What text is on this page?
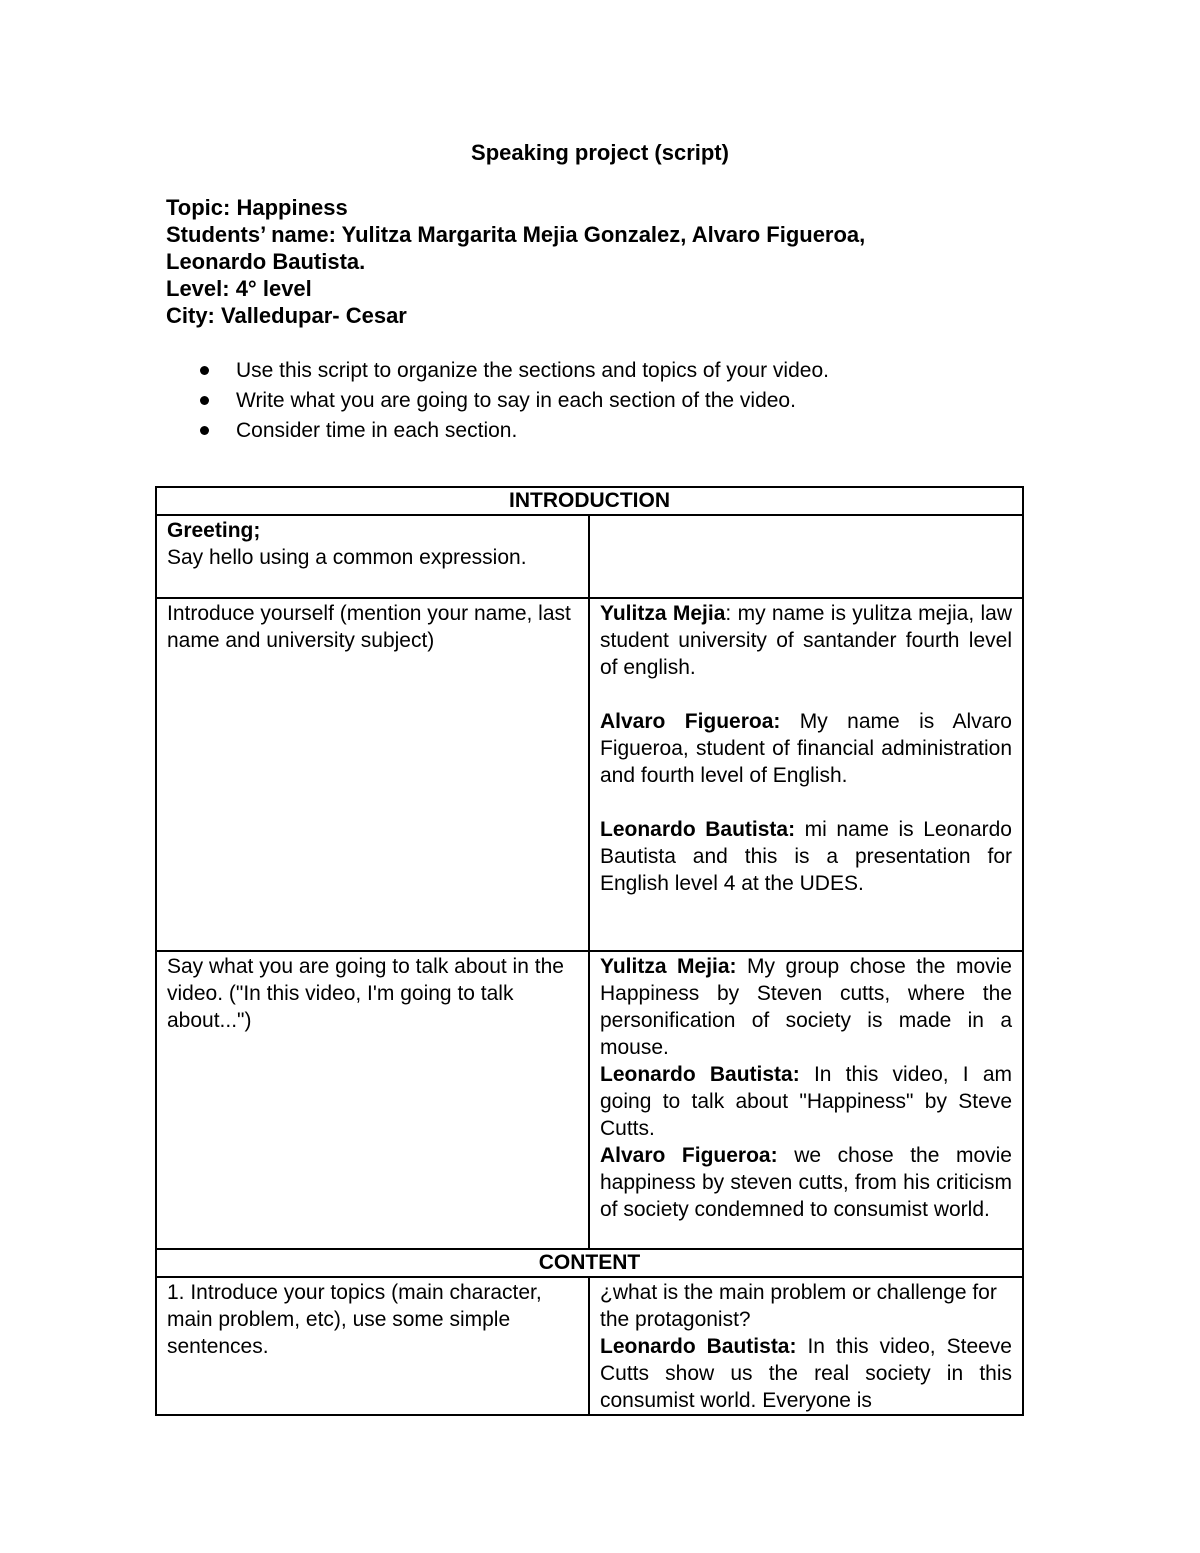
Speaking project (script)
Topic: Happiness
Students’ name: Yulitza Margarita Mejia Gonzalez, Alvaro Figueroa,
Leonardo Bautista.
Level: 4° level
City: Valledupar- Cesar
Use this script to organize the sections and topics of your video.
Write what you are going to say in each section of the video.
Consider time in each section.
INTRODUCTION	

Greeting;
Say hello using a common expression.	

Introduce yourself (mention your name, last name and university subject)	Yulitza Mejia: my name is yulitza mejia, law student university of santander fourth level of english.
Alvaro Figueroa: My name is Alvaro Figueroa, student of financial administration and fourth level of English.
Leonardo Bautista: mi name is Leonardo Bautista and this is a presentation for English level 4 at the UDES.

Say what you are going to talk about in the video. ("In this video, I'm going to talk about...")	Yulitza Mejia: My group chose the movie Happiness by Steven cutts, where the personification of society is made in a mouse.
Leonardo Bautista: In this video, I am going to talk about "Happiness" by Steve Cutts.
Alvaro Figueroa: we chose the movie happiness by steven cutts, from his criticism of society condemned to consumist world.

CONTENT	

1. Introduce your topics (main character, main problem, etc), use some simple sentences.	¿what is the main problem or challenge for the protagonist?
Leonardo Bautista: In this video, Steeve Cutts show us the real society in this consumist world. Everyone is
